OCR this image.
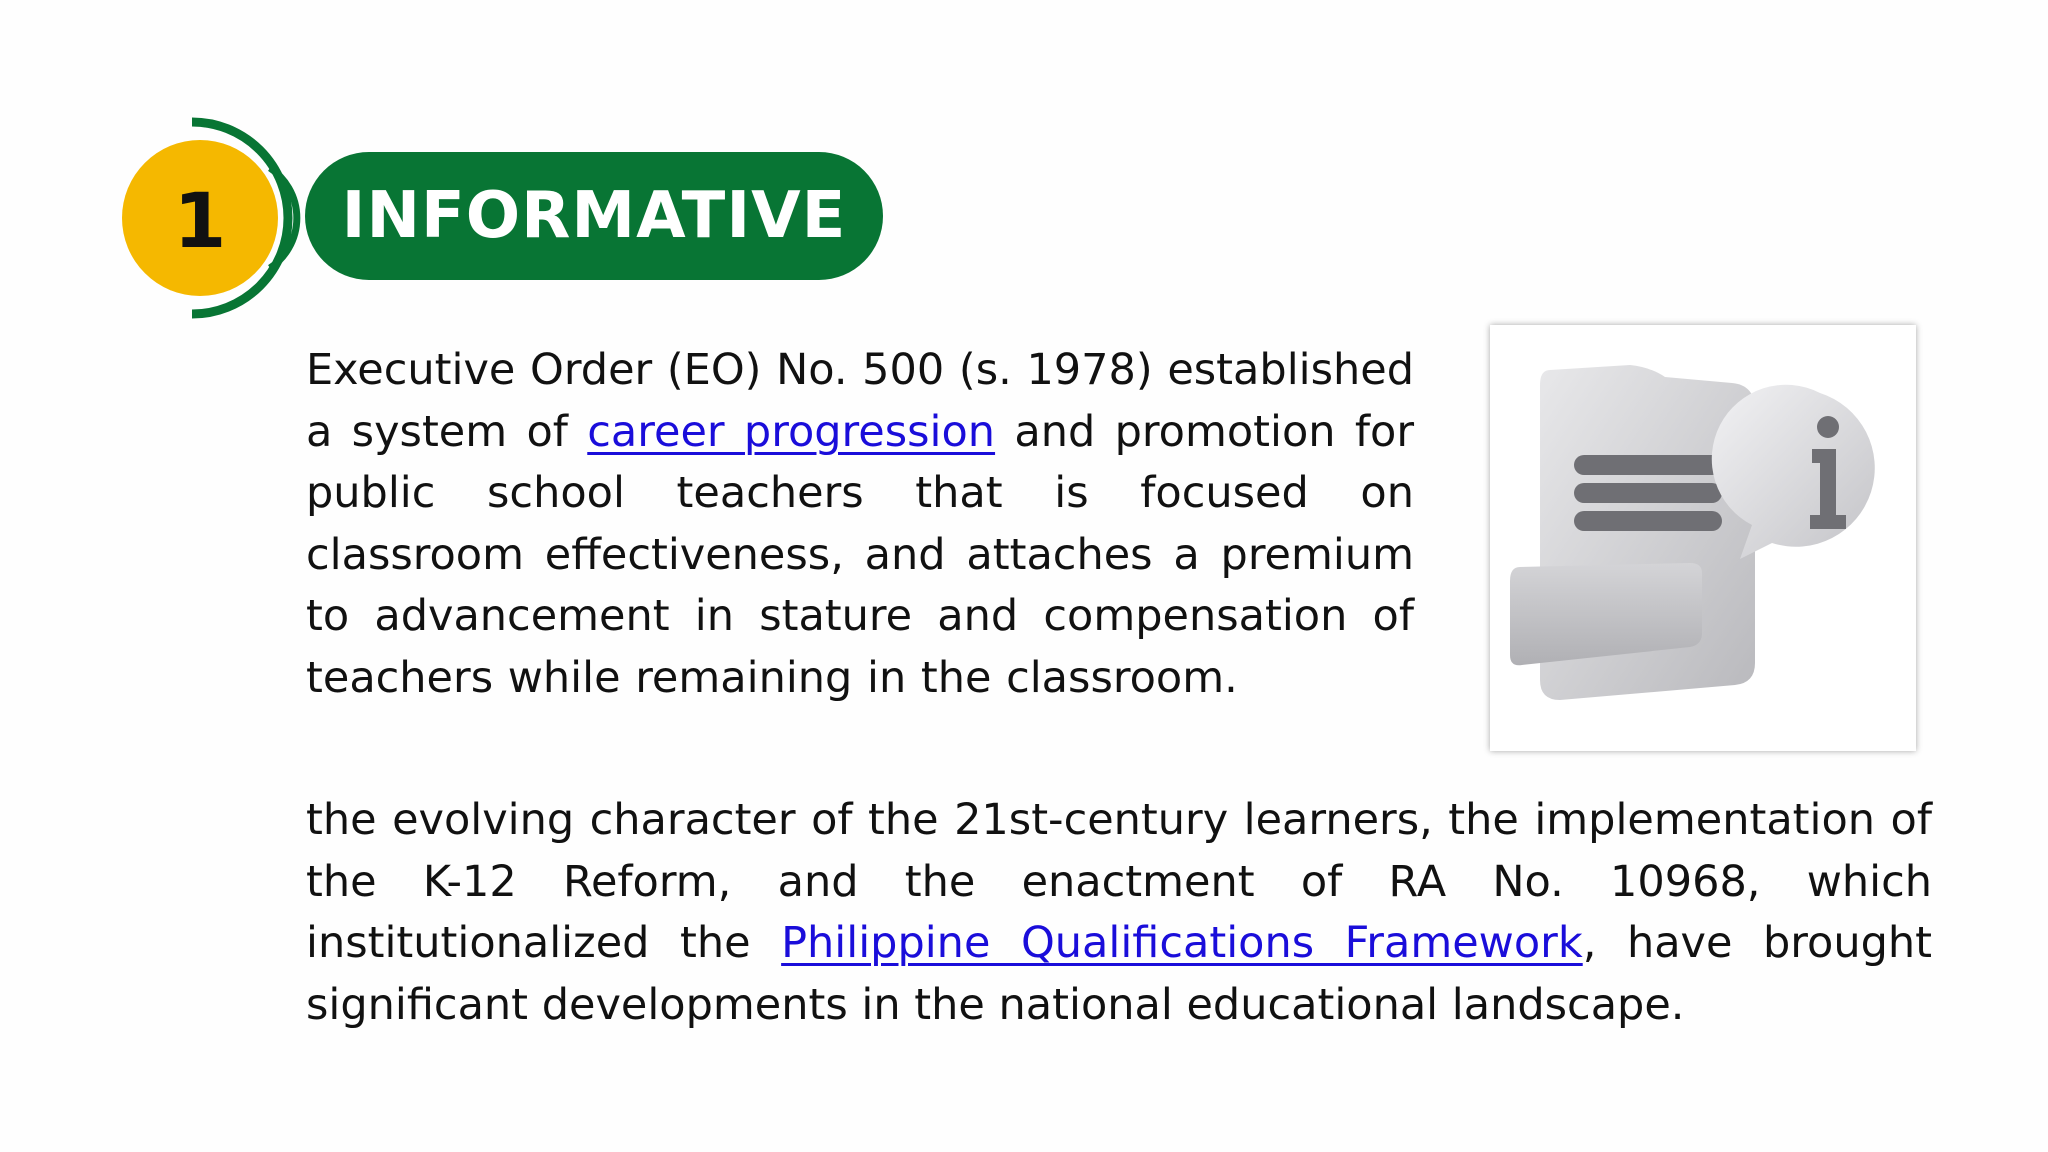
1	INFORMATIVE

Executive Order (EO) No. 500 (s. 1978) established a system of career progression and promotion for public school teachers that is focused on classroom effectiveness, and attaches a premium to advancement in stature and compensation of teachers while remaining in the classroom.

the evolving character of the 21st-century learners, the implementation of the K-12 Reform, and the enactment of RA No. 10968, which institutionalized the Philippine Qualifications Framework, have brought significant developments in the national educational landscape.
